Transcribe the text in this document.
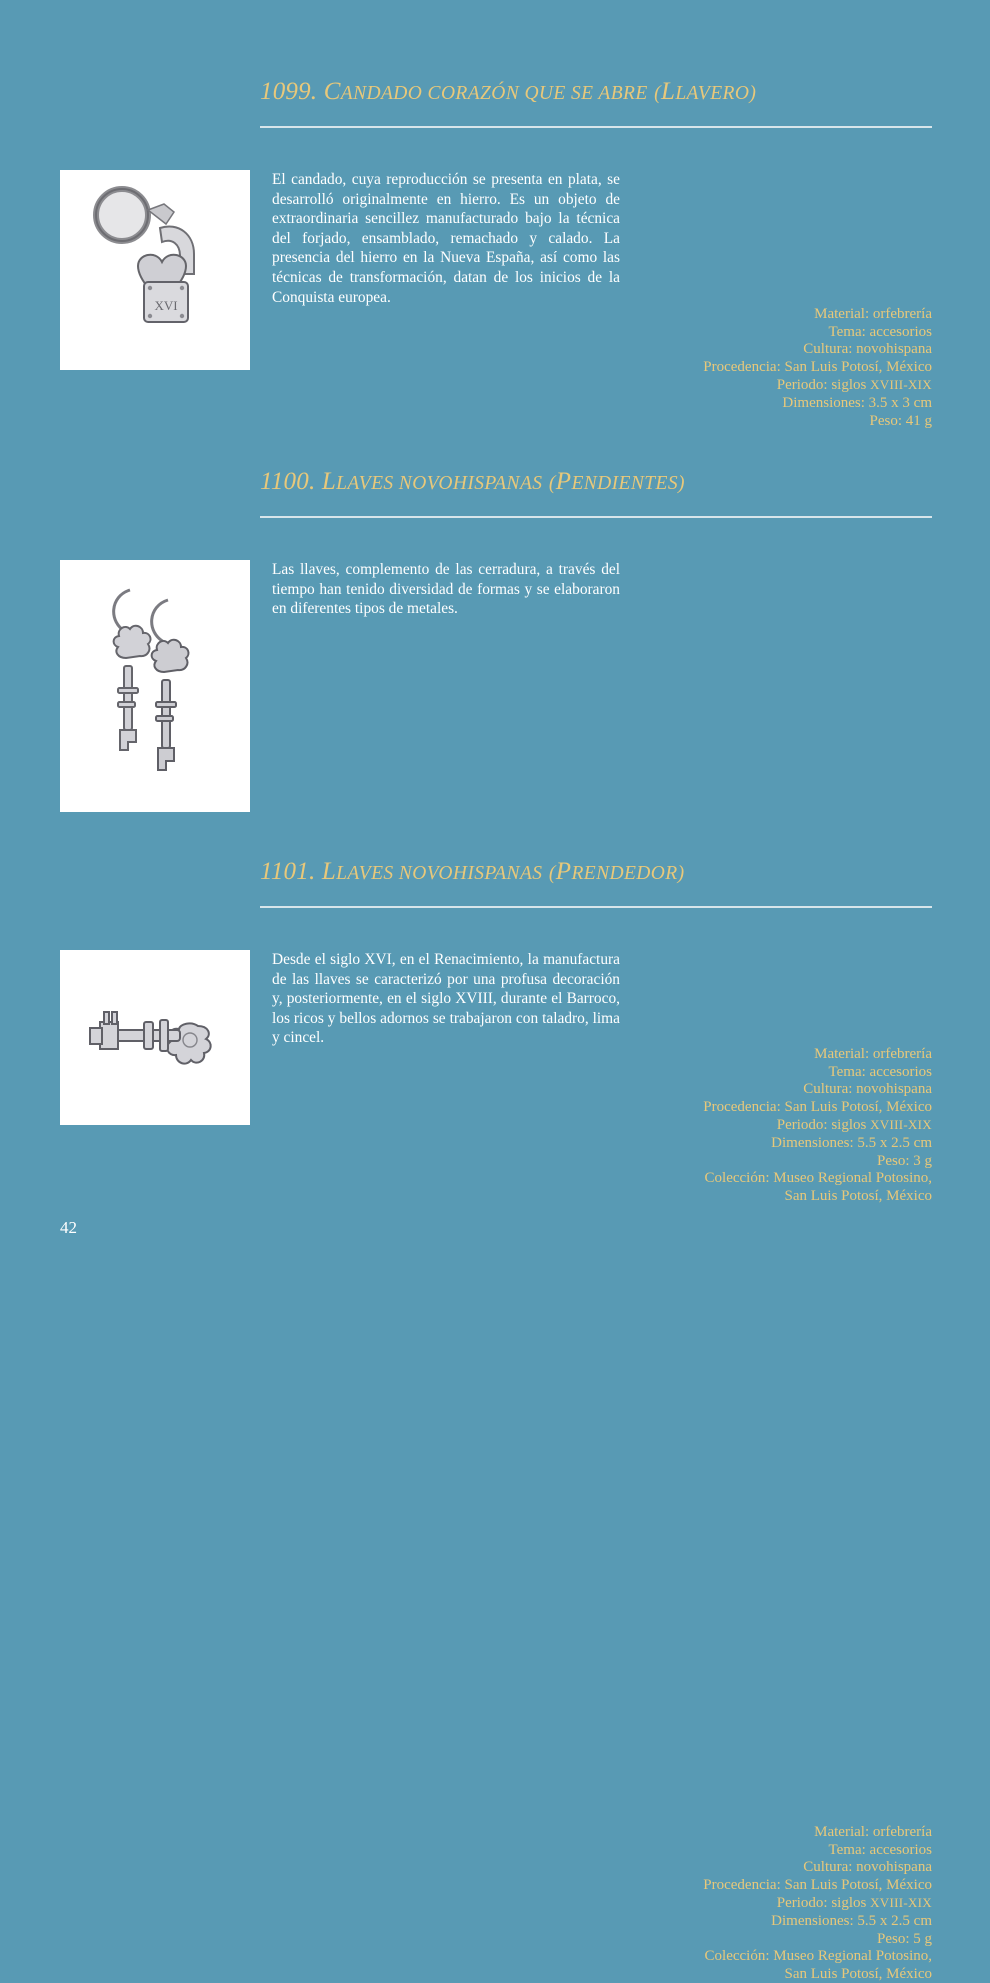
1099. CANDADO CORAZÓN QUE SE ABRE (LLAVERO)
XVI
El candado, cuya reproducción se presenta en plata, se desarrolló originalmente en hierro. Es un objeto de extraordinaria sencillez manufacturado bajo la técnica del forjado, ensamblado, remachado y calado. La presencia del hierro en la Nueva España, así como las técnicas de transformación, datan de los inicios de la Conquista europea.
Material: orfebrería
Tema: accesorios
Cultura: novohispana
Procedencia: San Luis Potosí, México
Periodo: siglos XVIII-XIX
Dimensiones: 3.5 x 3 cm
Peso: 41 g
1100. LLAVES NOVOHISPANAS (PENDIENTES)
Las llaves, complemento de las cerradura, a través del tiempo han tenido diversidad de formas y se elaboraron en diferentes tipos de metales.
Material: orfebrería
Tema: accesorios
Cultura: novohispana
Procedencia: San Luis Potosí, México
Periodo: siglos XVIII-XIX
Dimensiones: 5.5 x 2.5 cm
Peso: 3 g
Colección: Museo Regional Potosino,
San Luis Potosí, México
1101. LLAVES NOVOHISPANAS (PRENDEDOR)
Desde el siglo XVI, en el Renacimiento, la manufactura de las llaves se caracterizó por una profusa decoración y, posteriormente, en el siglo XVIII, durante el Barroco, los ricos y bellos adornos se trabajaron con taladro, lima y cincel.
Material: orfebrería
Tema: accesorios
Cultura: novohispana
Procedencia: San Luis Potosí, México
Periodo: siglos XVIII-XIX
Dimensiones: 5.5 x 2.5 cm
Peso: 5 g
Colección: Museo Regional Potosino,
San Luis Potosí, México
42
